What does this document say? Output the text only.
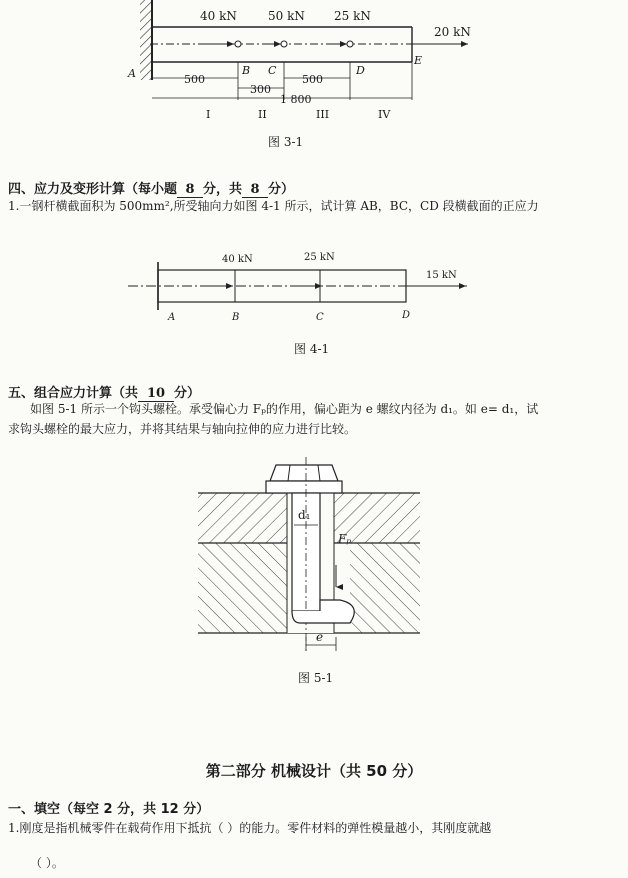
40 kN	50 kN 25 kN
20 kN
A	B C	D
E
500
300
500
1 800
I	II	III	IV
图 3-1
四、应力及变形计算（每小题 8 分，共 8 分）
1.一钢杆横截面积为 500mm²,所受轴向力如图 4-1 所示，试计算 AB，BC，CD 段横截面的正应力
40 kN	25 kN
15 kN
A	B	C	D
图 4-1
五、组合应力计算（共 10 分）
如图 5-1 所示一个钩头螺栓。承受偏心力 Fₚ的作用，偏心距为 e 螺纹内径为 d₁。如 e= d₁，试
求钩头螺栓的最大应力，并将其结果与轴向拉伸的应力进行比较。
d₁
Fₚ
e
图 5-1
第二部分 机械设计（共 50 分）
一、填空（每空 2 分，共 12 分）
1.刚度是指机械零件在载荷作用下抵抗（ ）的能力。零件材料的弹性模量越小，其刚度就越
（ ）。
